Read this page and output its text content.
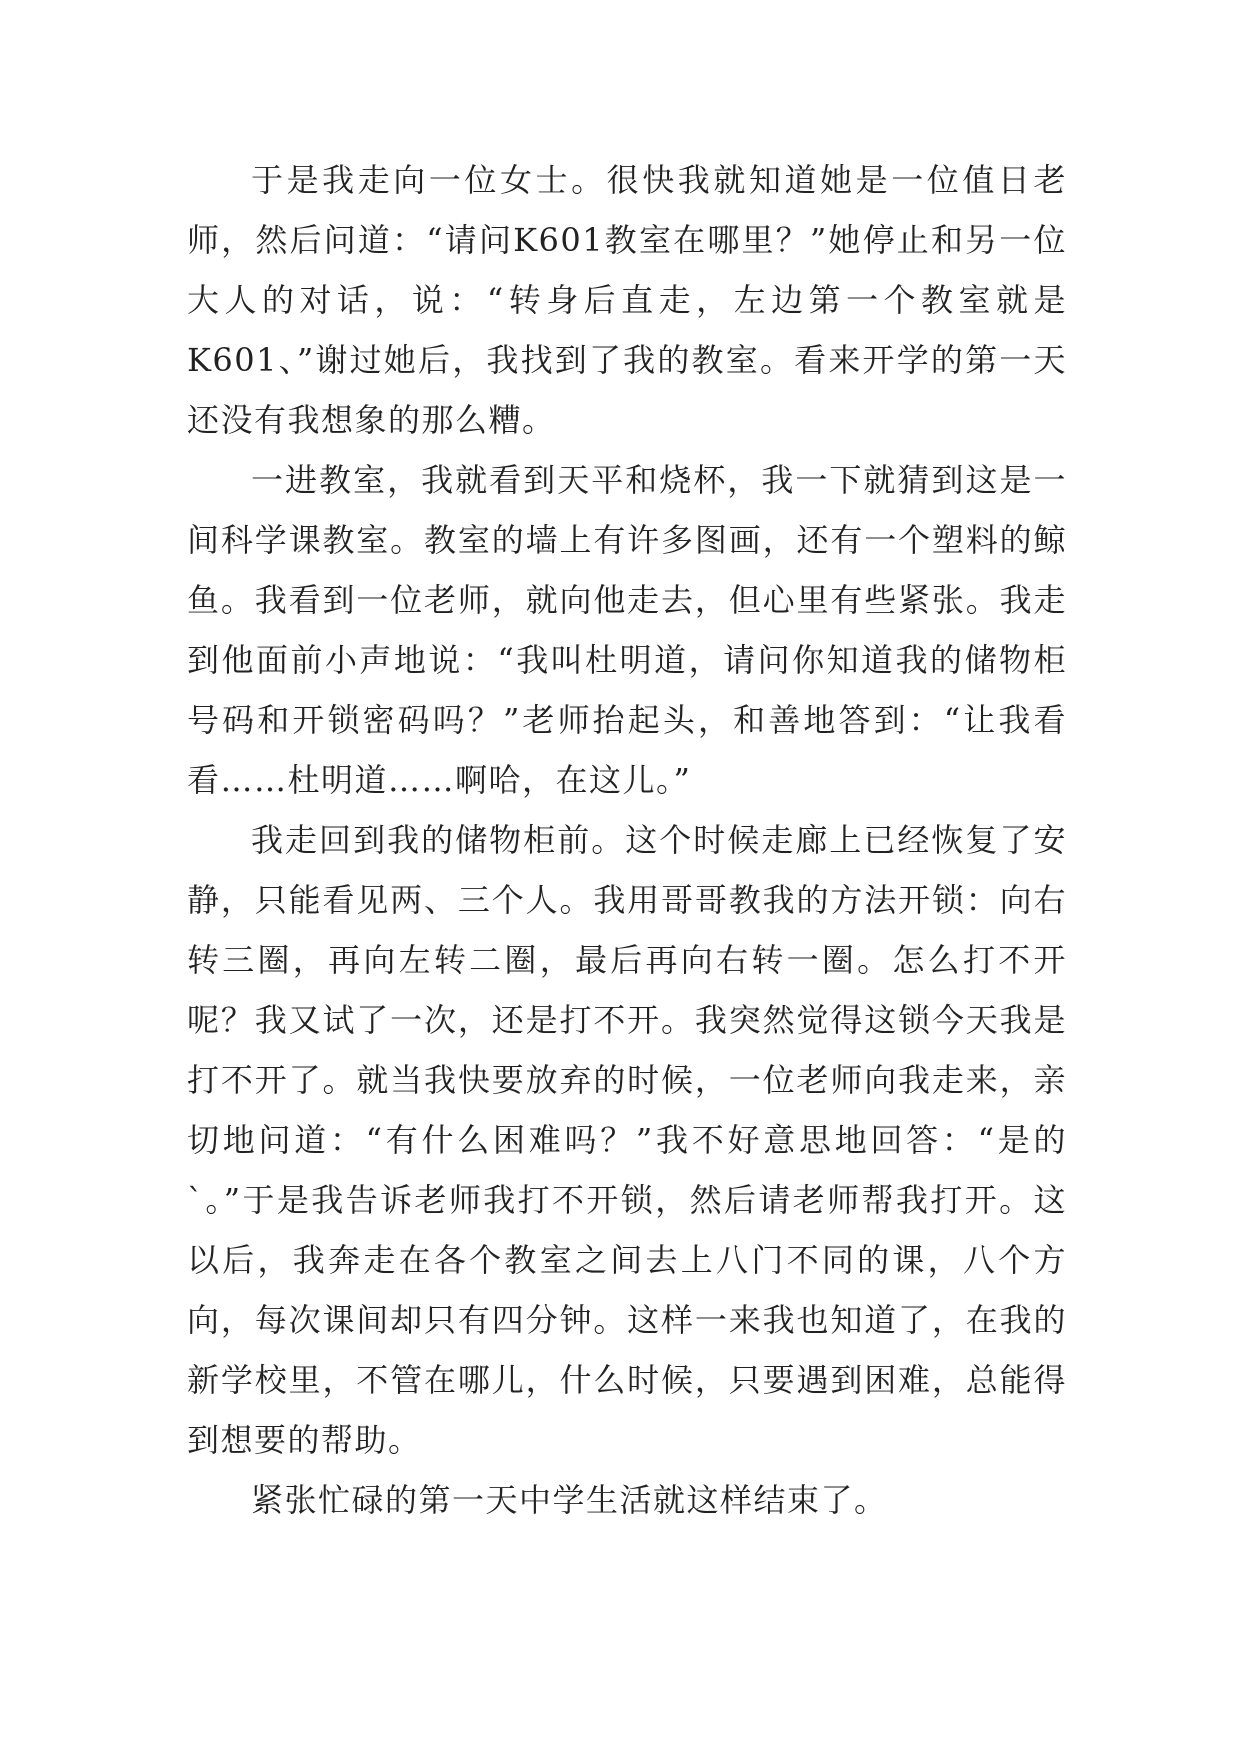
于是我走向一位女士。很快我就知道她是一位值日老师，然后问道：“请问K601教室在哪里？”她停止和另一位大人的对话，说：“转身后直走，左边第一个教室就是K601、”谢过她后，我找到了我的教室。看来开学的第一天还没有我想象的那么糟。

一进教室，我就看到天平和烧杯，我一下就猜到这是一间科学课教室。教室的墙上有许多图画，还有一个塑料的鲸鱼。我看到一位老师，就向他走去，但心里有些紧张。我走到他面前小声地说：“我叫杜明道，请问你知道我的储物柜号码和开锁密码吗？”老师抬起头，和善地答到：“让我看看……杜明道……啊哈，在这儿。”

我走回到我的储物柜前。这个时候走廊上已经恢复了安静，只能看见两、三个人。我用哥哥教我的方法开锁：向右转三圈，再向左转二圈，最后再向右转一圈。怎么打不开呢？我又试了一次，还是打不开。我突然觉得这锁今天我是打不开了。就当我快要放弃的时候，一位老师向我走来，亲切地问道：“有什么困难吗？”我不好意思地回答：“是的`。”于是我告诉老师我打不开锁，然后请老师帮我打开。这以后，我奔走在各个教室之间去上八门不同的课，八个方向，每次课间却只有四分钟。这样一来我也知道了，在我的新学校里，不管在哪儿，什么时候，只要遇到困难，总能得到想要的帮助。

紧张忙碌的第一天中学生活就这样结束了。
